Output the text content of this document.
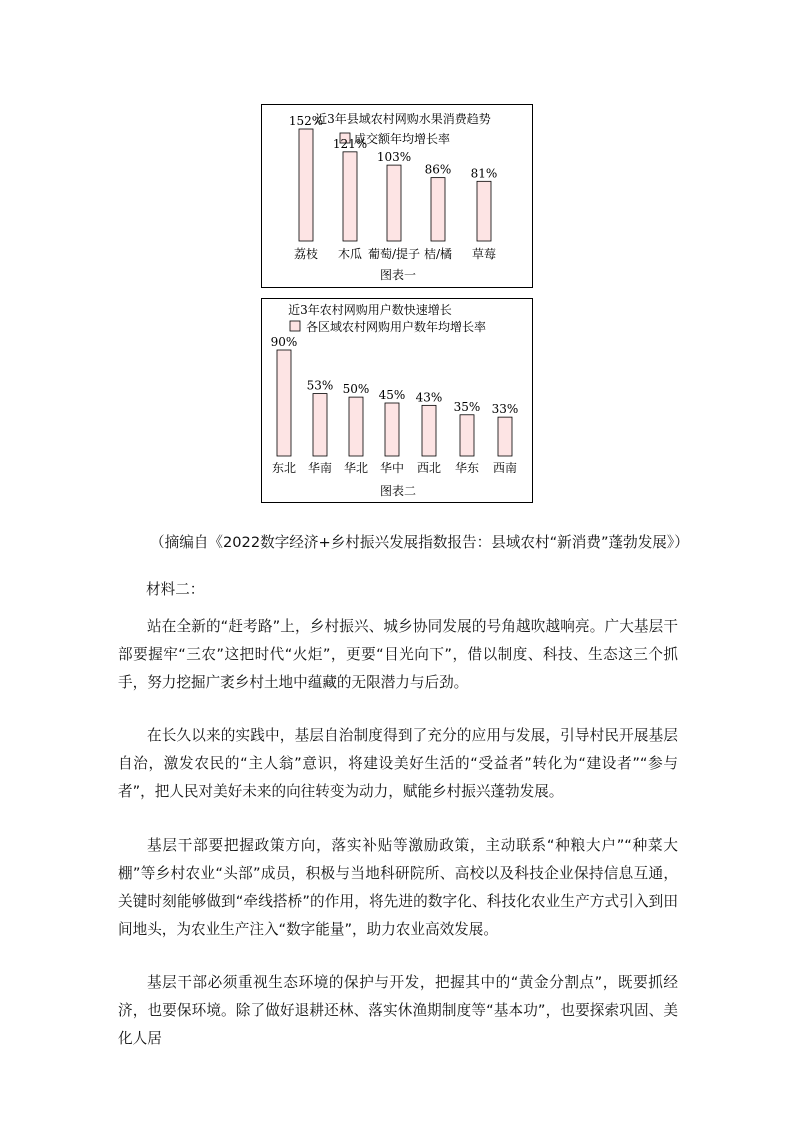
近3年县域农村网购水果消费趋势
成交额年均增长率
152%
荔枝
121%
木瓜
103%
葡萄/提子
86%
桔/橘
81%
草莓
图表一
近3年农村网购用户数快速增长
各区域农村网购用户数年均增长率
90%
东北
53%
华南
50%
华北
45%
华中
43%
西北
35%
华东
33%
西南
图表二
（摘编自《2022数字经济+乡村振兴发展指数报告：县域农村“新消费”蓬勃发展》）
材料二：
站在全新的“赶考路”上，乡村振兴、城乡协同发展的号角越吹越响亮。广大基层干部要握牢“三农”这把时代“火炬”，更要“目光向下”，借以制度、科技、生态这三个抓手，努力挖掘广袤乡村土地中蕴藏的无限潜力与后劲。
在长久以来的实践中，基层自治制度得到了充分的应用与发展，引导村民开展基层自治，激发农民的“主人翁”意识，将建设美好生活的“受益者”转化为“建设者”“参与者”，把人民对美好未来的向往转变为动力，赋能乡村振兴蓬勃发展。
基层干部要把握政策方向，落实补贴等激励政策，主动联系“种粮大户”“种菜大棚”等乡村农业“头部”成员，积极与当地科研院所、高校以及科技企业保持信息互通，关键时刻能够做到“牵线搭桥”的作用，将先进的数字化、科技化农业生产方式引入到田间地头，为农业生产注入“数字能量”，助力农业高效发展。
基层干部必须重视生态环境的保护与开发，把握其中的“黄金分割点”，既要抓经济，也要保环境。除了做好退耕还林、落实休渔期制度等“基本功”，也要探索巩固、美化人居
